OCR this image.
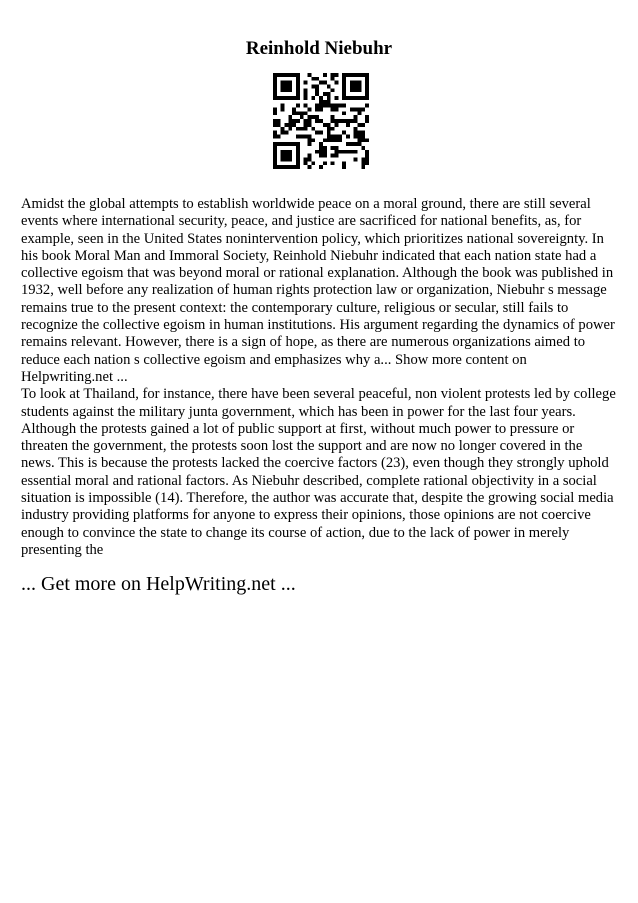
Reinhold Niebuhr

Amidst the global attempts to establish worldwide peace on a moral ground, there are still several events where international security, peace, and justice are sacrificed for national benefits, as, for example, seen in the United States nonintervention policy, which prioritizes national sovereignty. In his book Moral Man and Immoral Society, Reinhold Niebuhr indicated that each nation state had a collective egoism that was beyond moral or rational explanation. Although the book was published in 1932, well before any realization of human rights protection law or organization, Niebuhr s message remains true to the present context: the contemporary culture, religious or secular, still fails to recognize the collective egoism in human institutions. His argument regarding the dynamics of power remains relevant. However, there is a sign of hope, as there are numerous organizations aimed to reduce each nation s collective egoism and emphasizes why a... Show more content on Helpwriting.net ...

To look at Thailand, for instance, there have been several peaceful, non violent protests led by college students against the military junta government, which has been in power for the last four years. Although the protests gained a lot of public support at first, without much power to pressure or threaten the government, the protests soon lost the support and are now no longer covered in the news. This is because the protests lacked the coercive factors (23), even though they strongly uphold essential moral and rational factors. As Niebuhr described, complete rational objectivity in a social situation is impossible (14). Therefore, the author was accurate that, despite the growing social media industry providing platforms for anyone to express their opinions, those opinions are not coercive enough to convince the state to change its course of action, due to the lack of power in merely presenting the

... Get more on HelpWriting.net ...
